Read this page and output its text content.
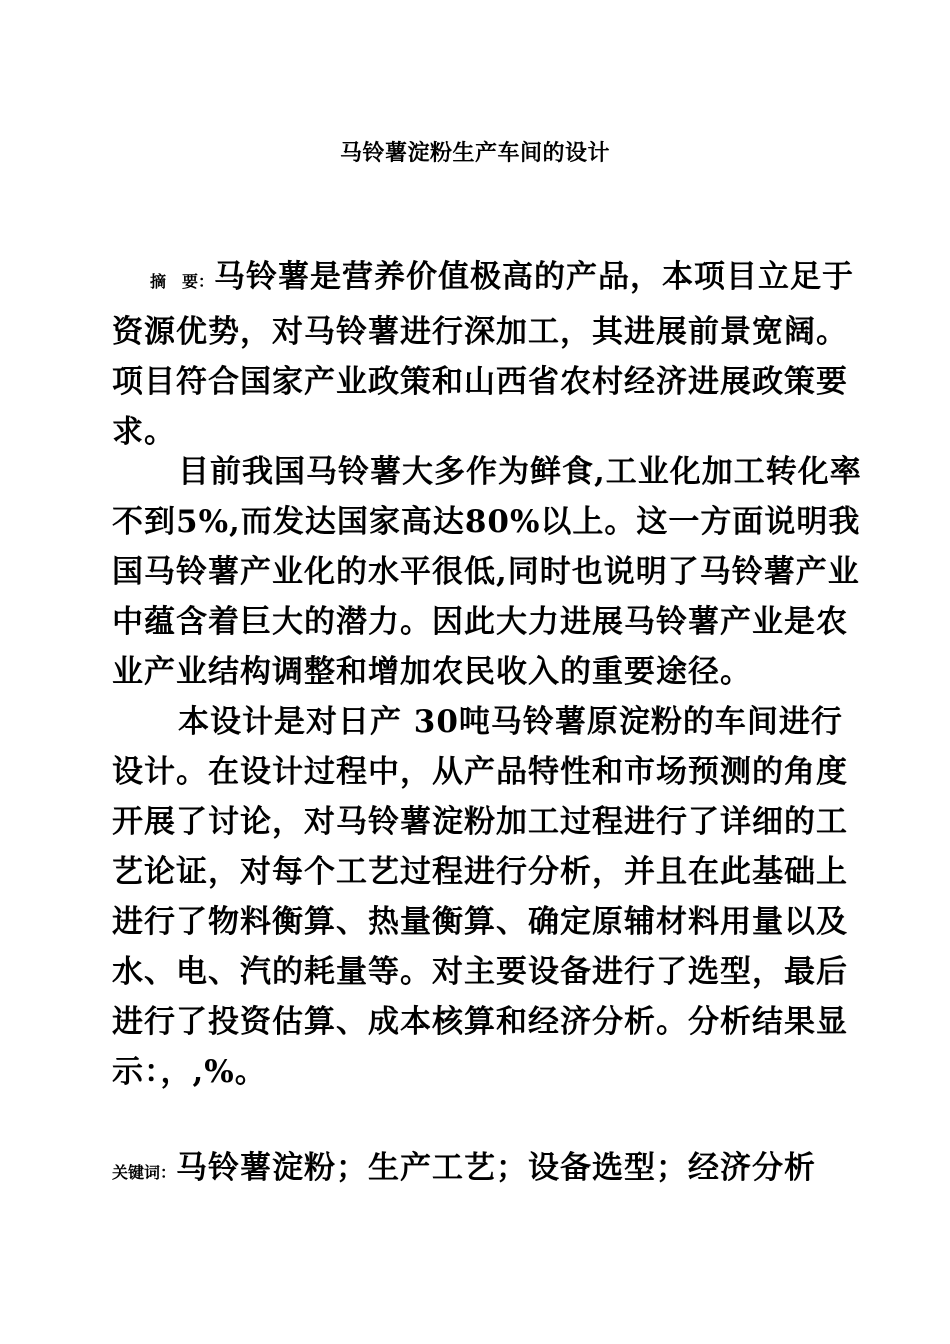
马铃薯淀粉生产车间的设计

摘　要：马铃薯是营养价值极高的产品，本项目立足于资源优势，对马铃薯进行深加工，其进展前景宽阔。项目符合国家产业政策和山西省农村经济进展政策要求。

目前我国马铃薯大多作为鲜食,工业化加工转化率不到5%,而发达国家高达80%以上。这一方面说明我国马铃薯产业化的水平很低,同时也说明了马铃薯产业中蕴含着巨大的潜力。因此大力进展马铃薯产业是农业产业结构调整和增加农民收入的重要途径。

本设计是对日产 30吨马铃薯原淀粉的车间进行设计。在设计过程中，从产品特性和市场预测的角度开展了讨论，对马铃薯淀粉加工过程进行了详细的工艺论证，对每个工艺过程进行分析，并且在此基础上进行了物料衡算、热量衡算、确定原辅材料用量以及水、电、汽的耗量等。对主要设备进行了选型，最后进行了投资估算、成本核算和经济分析。分析结果显示：，,%。

关键词：马铃薯淀粉；生产工艺；设备选型；经济分析
